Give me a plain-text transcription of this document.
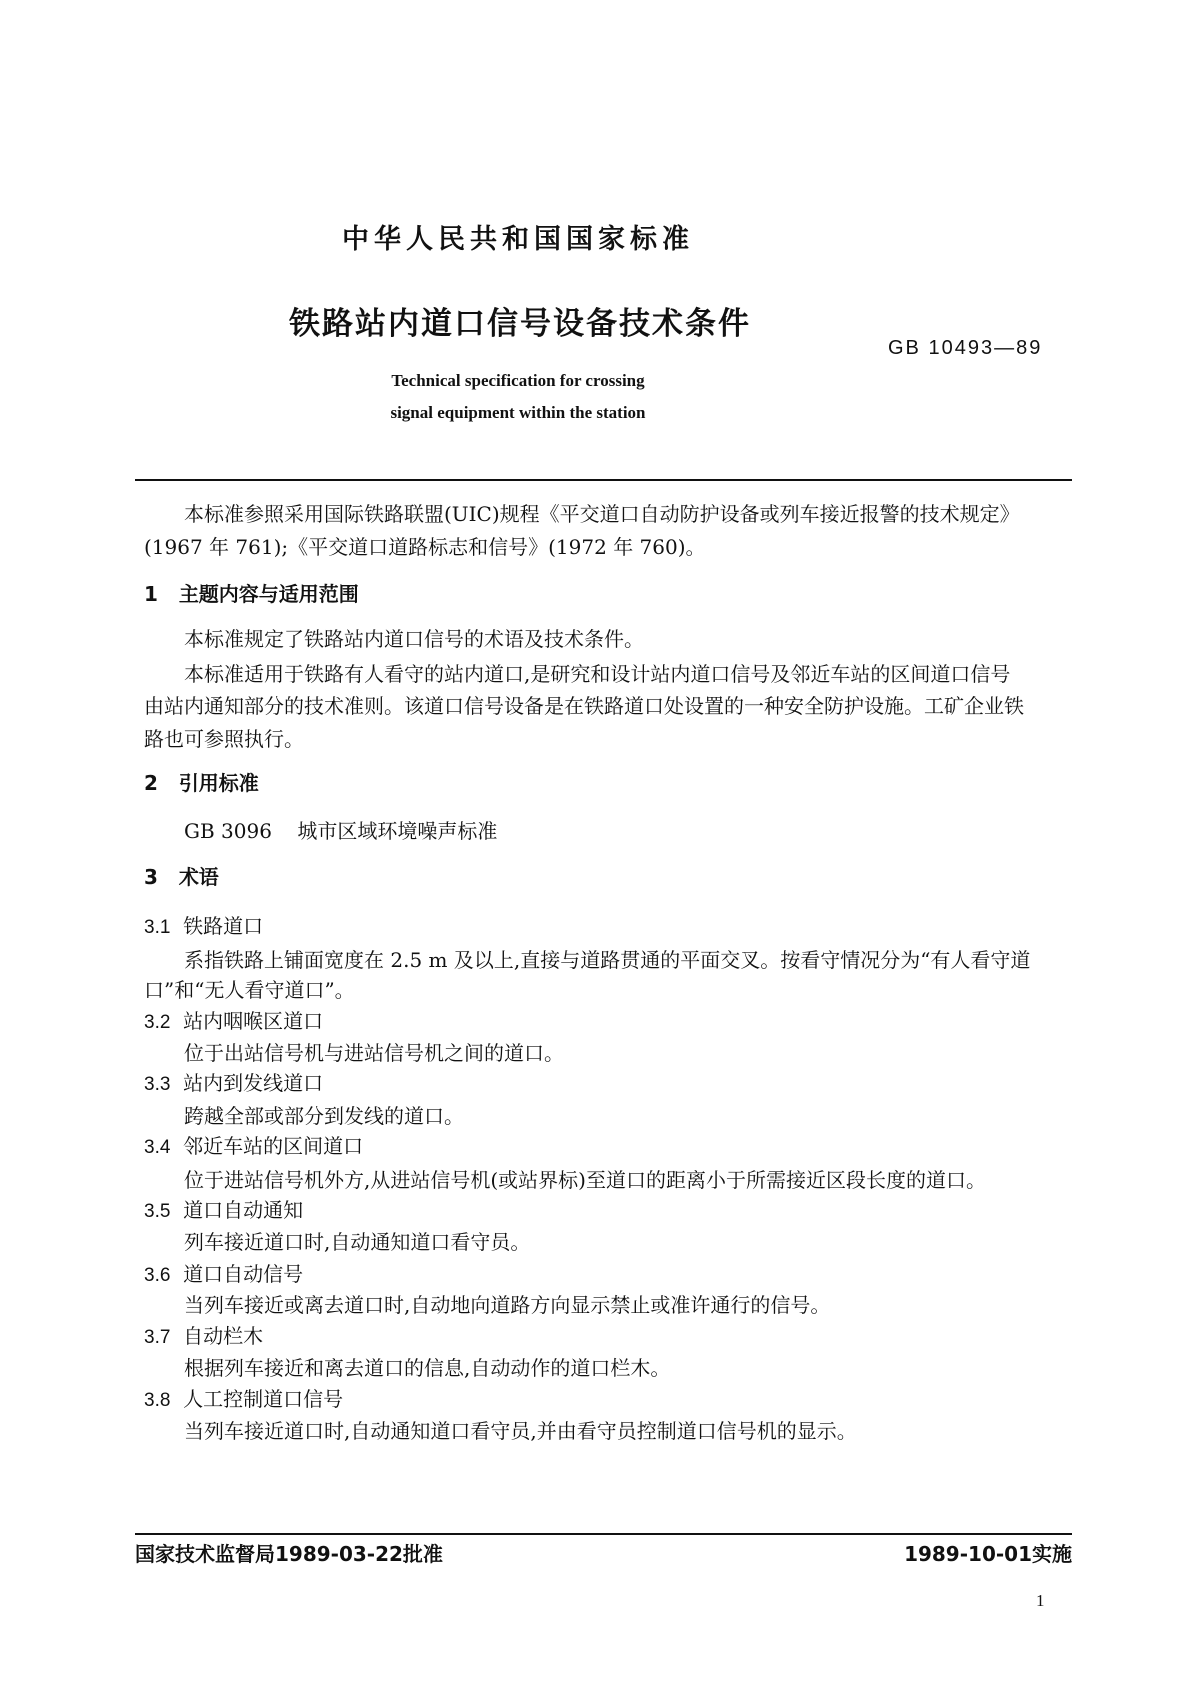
中华人民共和国国家标准
铁路站内道口信号设备技术条件
GB 10493—89
Technical specification for crossing
signal equipment within the station
本标准参照采用国际铁路联盟(UIC)规程《平交道口自动防护设备或列车接近报警的技术规定》
(1967 年 761);《平交道口道路标志和信号》(1972 年 760)。
1 主题内容与适用范围
本标准规定了铁路站内道口信号的术语及技术条件。
本标准适用于铁路有人看守的站内道口,是研究和设计站内道口信号及邻近车站的区间道口信号
由站内通知部分的技术准则。该道口信号设备是在铁路道口处设置的一种安全防护设施。工矿企业铁
路也可参照执行。
2 引用标准
GB 3096 城市区域环境噪声标准
3 术语
3.1 铁路道口
系指铁路上铺面宽度在 2.5 m 及以上,直接与道路贯通的平面交叉。按看守情况分为“有人看守道
口”和“无人看守道口”。
3.2 站内咽喉区道口
位于出站信号机与进站信号机之间的道口。
3.3 站内到发线道口
跨越全部或部分到发线的道口。
3.4 邻近车站的区间道口
位于进站信号机外方,从进站信号机(或站界标)至道口的距离小于所需接近区段长度的道口。
3.5 道口自动通知
列车接近道口时,自动通知道口看守员。
3.6 道口自动信号
当列车接近或离去道口时,自动地向道路方向显示禁止或准许通行的信号。
3.7 自动栏木
根据列车接近和离去道口的信息,自动动作的道口栏木。
3.8 人工控制道口信号
当列车接近道口时,自动通知道口看守员,并由看守员控制道口信号机的显示。
国家技术监督局1989-03-22批准	1989-10-01实施
1
